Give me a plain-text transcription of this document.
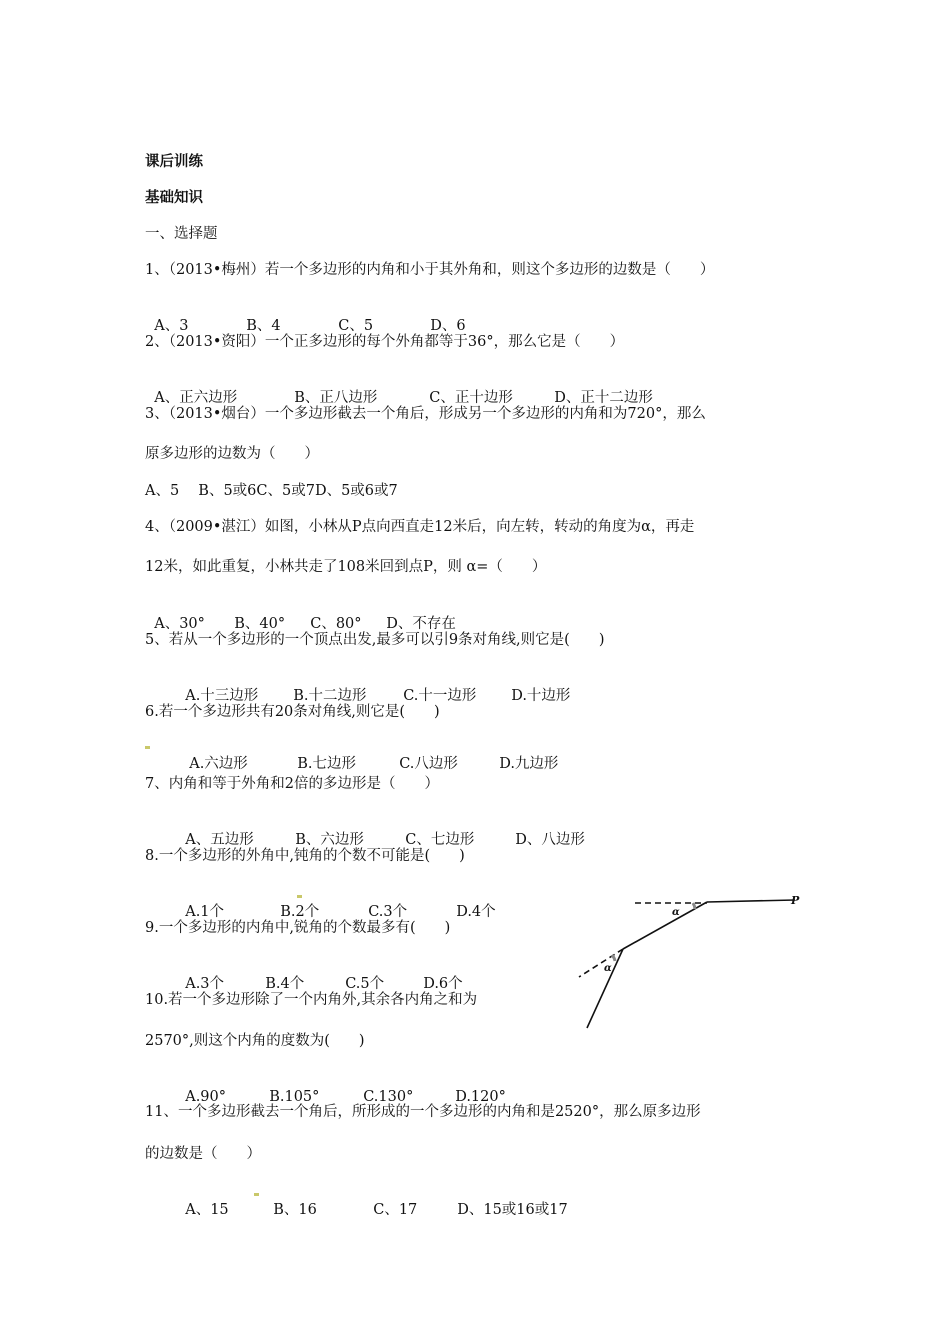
课后训练
基础知识
一、选择题
1、（2013•梅州）若一个多边形的内角和小于其外角和，则这个多边形的边数是（　　）

A、3	B、4	C、5	D、6

2、（2013•资阳）一个正多边形的每个外角都等于36°，那么它是（　　）

A、正六边形	B、正八边形	C、正十边形	D、正十二边形

3、（2013•烟台）一个多边形截去一个角后，形成另一个多边形的内角和为720°，那么
原多边形的边数为（　　）
A、5　 B、5或6C、5或7D、5或6或7
4、（2009•湛江）如图，小林从P点向西直走12米后，向左转，转动的角度为α，再走
12米，如此重复，小林共走了108米回到点P，则 α=（　　）

A、30° B、40° C、80° D、不存在

5、若从一个多边形的一个顶点出发,最多可以引9条对角线,则它是(　　)

A.十三边形 B.十二边形	C.十一边形 D.十边形

6.若一个多边形共有20条对角线,则它是(　　)

A.六边形	B.七边形	C.八边形	D.九边形

7、内角和等于外角和2倍的多边形是（　　）

A、五边形	B、六边形	C、七边形	D、八边形

8.一个多边形的外角中,钝角的个数不可能是(　　)

A.1个	B.2个	C.3个	D.4个

9.一个多边形的内角中,锐角的个数最多有(　　)

A.3个	B.4个	C.5个	D.6个

10.若一个多边形除了一个内角外,其余各内角之和为
2570°,则这个内角的度数为(　　)

A.90°	B.105°	C.130°	D.120°

11、一个多边形截去一个角后，所形成的一个多边形的内角和是2520°，那么原多边形
的边数是（　　）

A、15	B、16	C、17	D、15或16或17

P
α
α
